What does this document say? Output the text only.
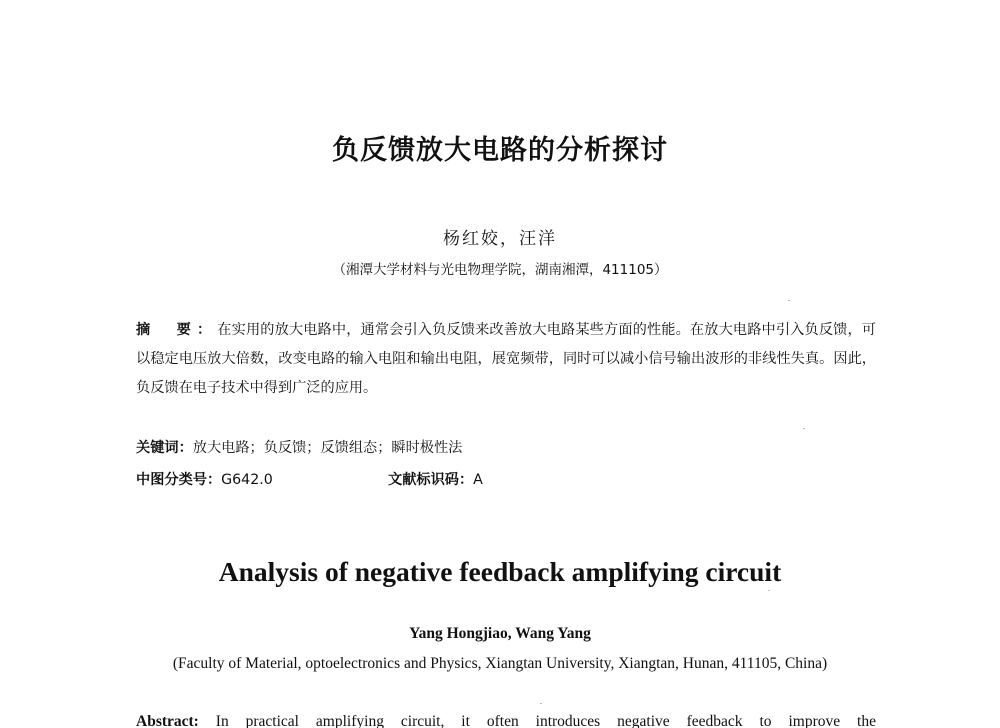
负反馈放大电路的分析探讨
杨红姣，汪洋
（湘潭大学材料与光电物理学院，湖南湘潭，411105）
摘　要：在实用的放大电路中，通常会引入负反馈来改善放大电路某些方面的性能。在放大电路中引入负反馈，可以稳定电压放大倍数，改变电路的输入电阻和输出电阻，展宽频带，同时可以减小信号输出波形的非线性失真。因此，负反馈在电子技术中得到广泛的应用。
关键词：放大电路；负反馈；反馈组态；瞬时极性法
中图分类号：G642.0	文献标识码：A
Analysis of negative feedback amplifying circuit
Yang Hongjiao, Wang Yang
(Faculty of Material, optoelectronics and Physics, Xiangtan University, Xiangtan, Hunan, 411105, China)
Abstract: In practical amplifying circuit, it often introduces negative feedback to improve the
